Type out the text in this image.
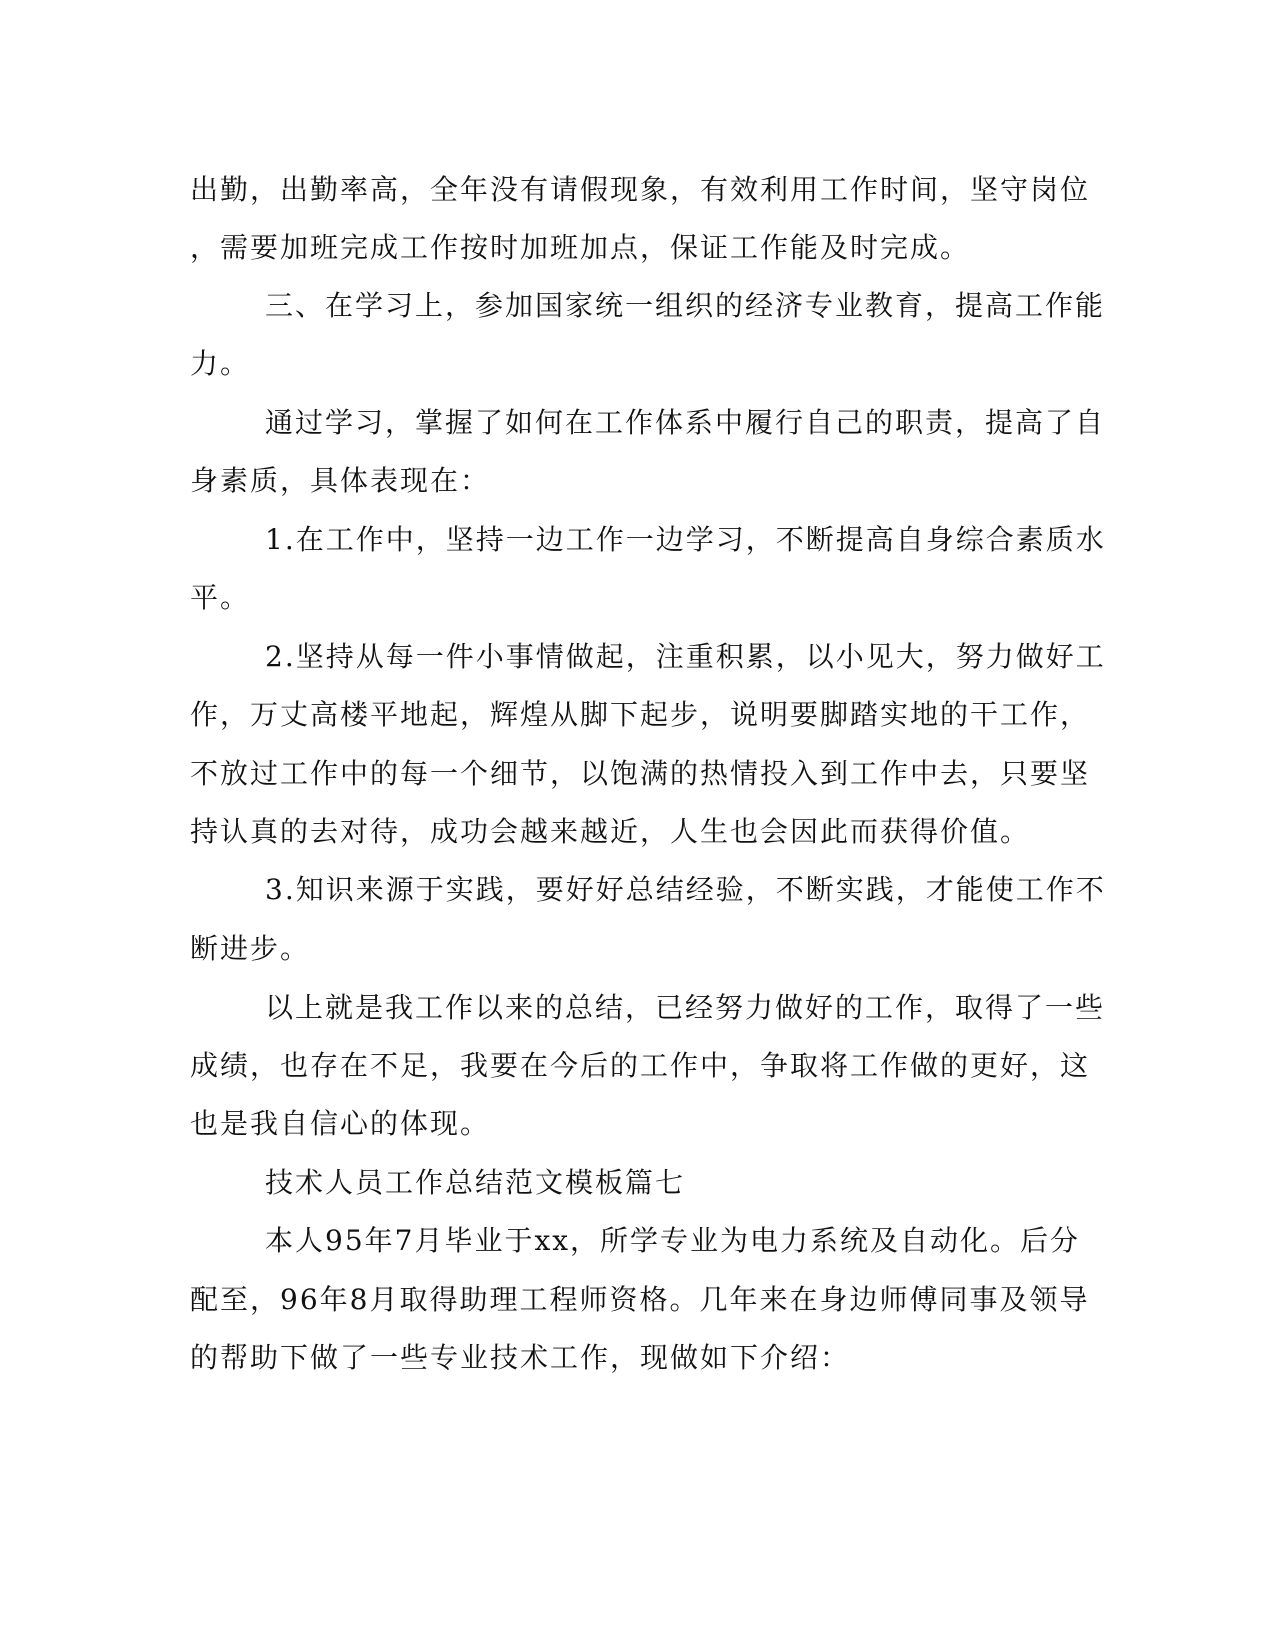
出勤，出勤率高，全年没有请假现象，有效利用工作时间，坚守岗位
，需要加班完成工作按时加班加点，保证工作能及时完成。
三、在学习上，参加国家统一组织的经济专业教育，提高工作能
力。
通过学习，掌握了如何在工作体系中履行自己的职责，提高了自
身素质，具体表现在：
1.在工作中，坚持一边工作一边学习，不断提高自身综合素质水
平。
2.坚持从每一件小事情做起，注重积累，以小见大，努力做好工
作，万丈高楼平地起，辉煌从脚下起步，说明要脚踏实地的干工作，
不放过工作中的每一个细节，以饱满的热情投入到工作中去，只要坚
持认真的去对待，成功会越来越近，人生也会因此而获得价值。
3.知识来源于实践，要好好总结经验，不断实践，才能使工作不
断进步。
以上就是我工作以来的总结，已经努力做好的工作，取得了一些
成绩，也存在不足，我要在今后的工作中，争取将工作做的更好，这
也是我自信心的体现。
技术人员工作总结范文模板篇七
本人95年7月毕业于xx，所学专业为电力系统及自动化。后分
配至，96年8月取得助理工程师资格。几年来在身边师傅同事及领导
的帮助下做了一些专业技术工作，现做如下介绍：
